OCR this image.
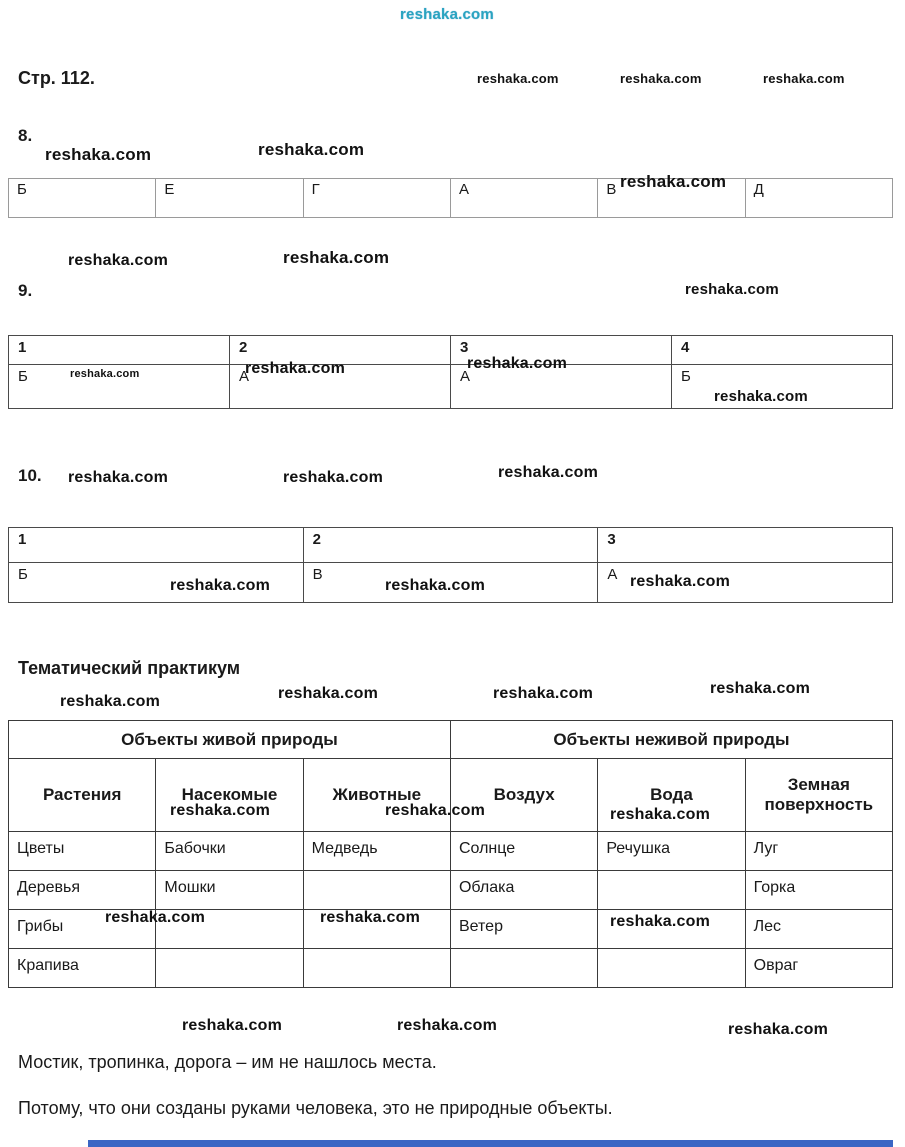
Стр. 112.
8.
Б	Е	Г	А	В	Д
9.
1	2	3	4
Б	А	А	Б
10.
1	2	3
Б	В	А
Тематический практикум
Объекты живой природы			Объекты неживой природы		
Растения	Насекомые	Животные	Воздух	Вода	Земная поверхность
Цветы	Бабочки	Медведь	Солнце	Речушка	Луг
Деревья	Мошки		Облака		Горка
Грибы			Ветер		Лес
Крапива					Овраг
Мостик, тропинка, дорога – им не нашлось места.
Потому, что они созданы руками человека, это не природные объекты.
reshaka.com
reshaka.com	reshaka.com	reshaka.com
reshaka.com	reshaka.com
reshaka.com
reshaka.com	reshaka.com
reshaka.com
reshaka.com	reshaka.com	reshaka.com
reshaka.com
reshaka.com	reshaka.com	reshaka.com
reshaka.com	reshaka.com	reshaka.com
reshaka.com
reshaka.com	reshaka.com
reshaka.com
reshaka.com	reshaka.com	reshaka.com
reshaka.com	reshaka.com	reshaka.com
reshaka.com	reshaka.com	reshaka.com
